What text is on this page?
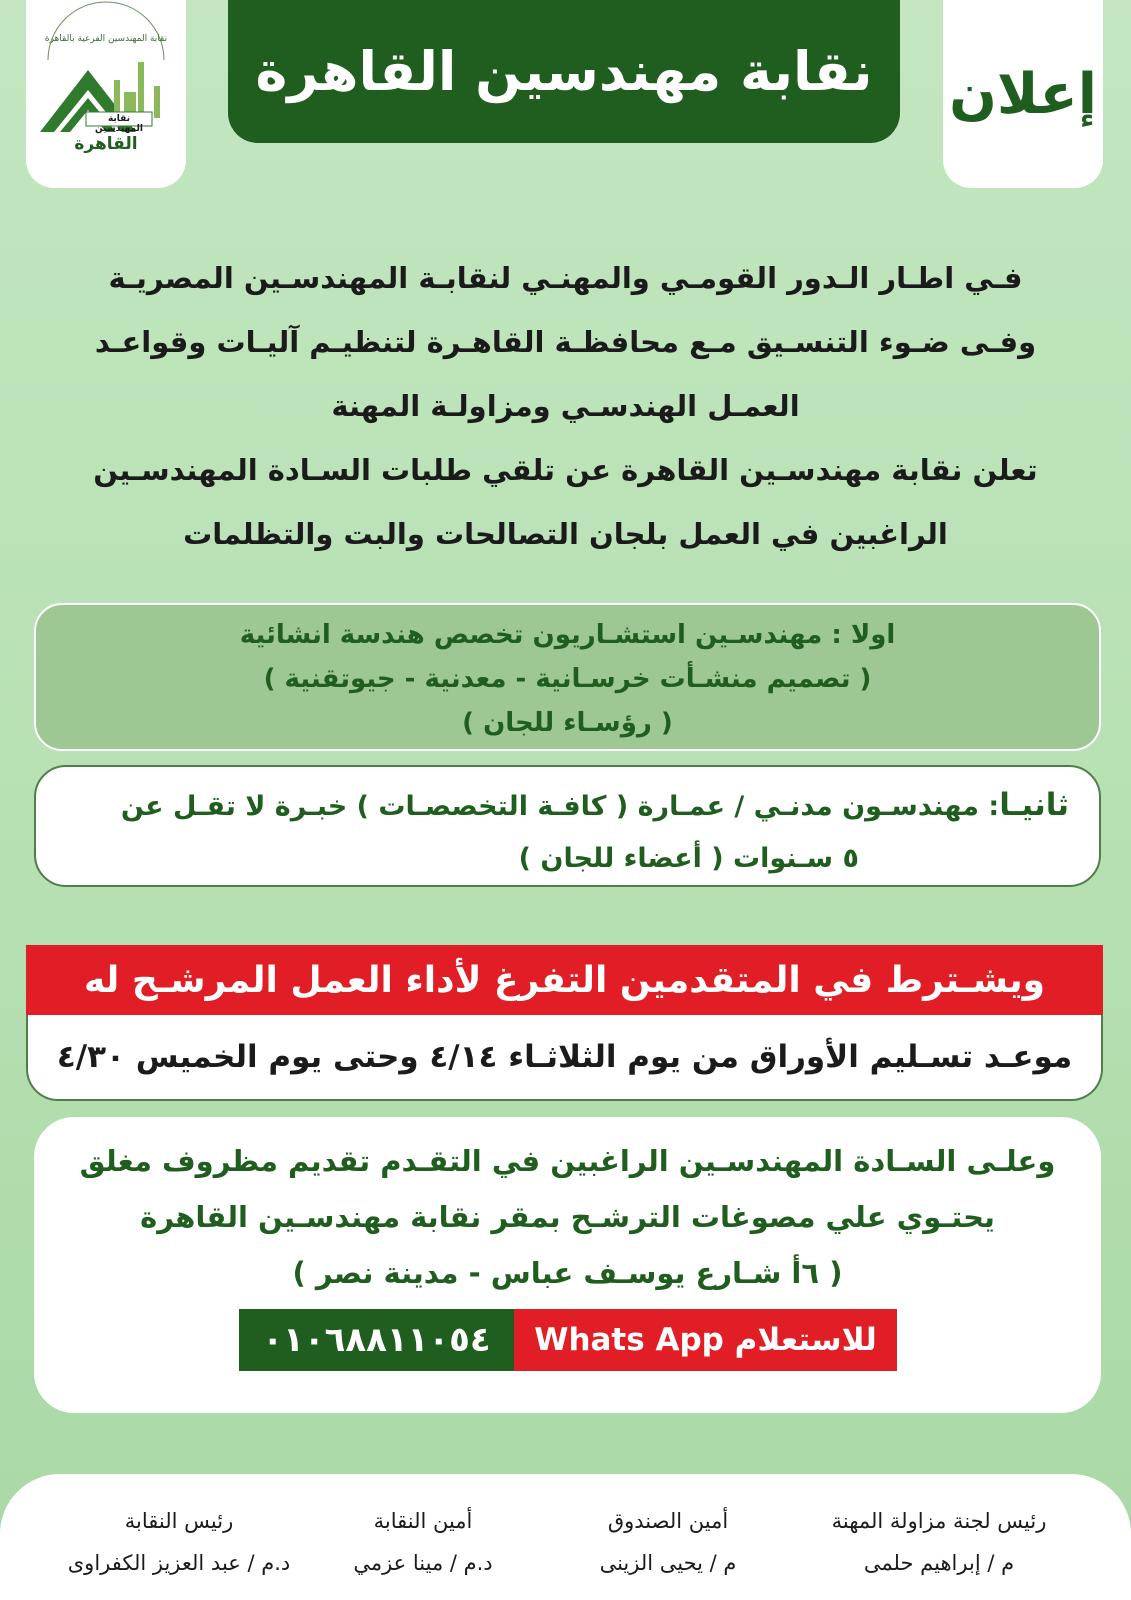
نقابة المهندسين الفرعية بالقاهرة
نقابة المهندسين
القاهرة
نقابة مهندسين القاهرة	إعلان

فـي اطـار الـدور القومـي والمهنـي لنقابـة المهندسـين المصريـة

وفـى ضـوء التنسـيق مـع محافظـة القاهـرة لتنظيـم آليـات وقواعـد

العمـل الهندسـي ومزاولـة المهنة

تعلن نقابة مهندسـين القاهرة عن تلقي طلبات السـادة المهندسـين

الراغبين في العمل بلجان التصالحات والبت والتظلمات

اولا : مهندسـين استشـاريون تخصص هندسة انشائية

( تصميم منشـأت خرسـانية - معدنية - جيوتقنية )

( رؤسـاء للجان )

ثانيـا: مهندسـون مدنـي / عمـارة ( كافـة التخصصـات ) خبـرة لا تقـل عن

٥ سـنوات ( أعضاء للجان )

ويشـترط في المتقدمين التفرغ لأداء العمل المرشـح له
موعـد تسـليم الأوراق من يوم الثلاثـاء ٤/١٤ وحتى يوم الخميس ٤/٣٠

وعلـى السـادة المهندسـين الراغبين في التقـدم تقديم مظروف مغلق

يحتـوي علي مصوغات الترشـح بمقر نقابة مهندسـين القاهرة

( ٦أ شـارع يوسـف عباس - مدينة نصر )

للاستعلام Whats App
٠١٠٦٨٨١١٠٥٤

رئيس لجنة مزاولة المهنة

م / إبراهيم حلمى

أمين الصندوق

م / يحيى الزينى

أمين النقابة

د.م / مينا عزمي

رئيس النقابة

د.م / عبد العزيز الكفراوى
